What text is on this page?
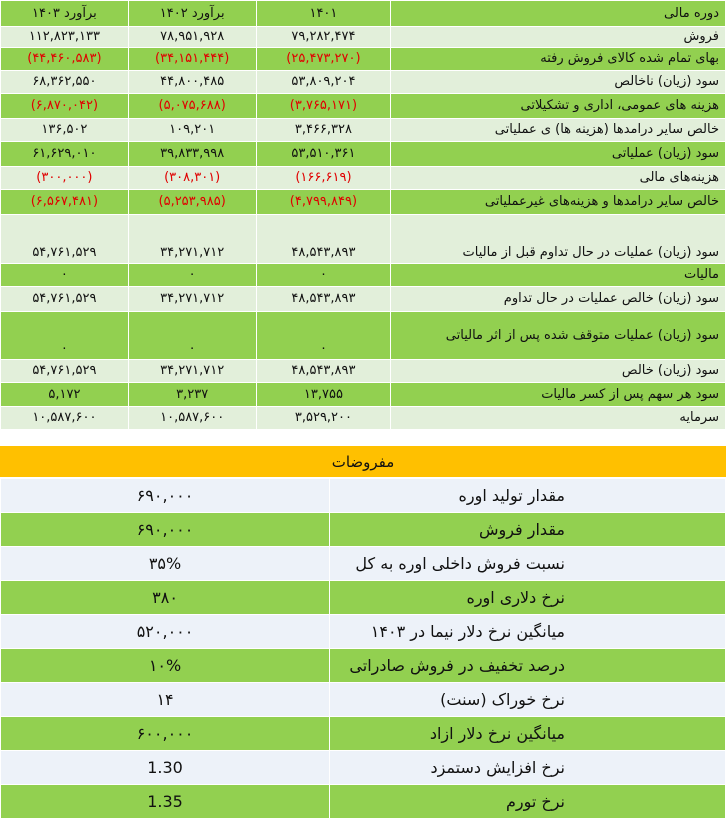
۱۴۰۳ برآورد	۱۴۰۲ برآورد	۱۴۰۱	دوره مالی
۱۱۲,۸۲۳,۱۳۳	۷۸,۹۵۱,۹۲۸	۷۹,۲۸۲,۴۷۴	فروش
(۴۴,۴۶۰,۵۸۳)	(۳۴,۱۵۱,۴۴۴)	(۲۵,۴۷۳,۲۷۰)	بهای تمام شده کالای فروش رفته
۶۸,۳۶۲,۵۵۰	۴۴,۸۰۰,۴۸۵	۵۳,۸۰۹,۲۰۴	سود (زیان) ناخالص
(۶,۸۷۰,۰۴۲)	(۵,۰۷۵,۶۸۸)	(۳,۷۶۵,۱۷۱)	هزینه های عمومی، اداری و تشکیلاتی
۱۳۶,۵۰۲	۱۰۹,۲۰۱	۳,۴۶۶,۳۲۸	خالص سایر درامدها (هزینه ها) ی عملیاتی
۶۱,۶۲۹,۰۱۰	۳۹,۸۳۳,۹۹۸	۵۳,۵۱۰,۳۶۱	سود (زیان) عملیاتی
(۳۰۰,۰۰۰)	(۳۰۸,۳۰۱)	(۱۶۶,۶۱۹)	هزینه‌های مالی
(۶,۵۶۷,۴۸۱)	(۵,۲۵۳,۹۸۵)	(۴,۷۹۹,۸۴۹)	خالص سایر درامدها و هزینه‌های غیرعملیاتی
۵۴,۷۶۱,۵۲۹	۳۴,۲۷۱,۷۱۲	۴۸,۵۴۳,۸۹۳	سود (زیان) عملیات در حال تداوم قبل از مالیات
۰	۰	۰	مالیات
۵۴,۷۶۱,۵۲۹	۳۴,۲۷۱,۷۱۲	۴۸,۵۴۳,۸۹۳	سود (زیان) خالص عملیات در حال تداوم
۰	۰	۰	سود (زیان) عملیات متوقف شده پس از اثر مالیاتی
۵۴,۷۶۱,۵۲۹	۳۴,۲۷۱,۷۱۲	۴۸,۵۴۳,۸۹۳	سود (زیان) خالص
۵,۱۷۲	۳,۲۳۷	۱۳,۷۵۵	سود هر سهم پس از کسر مالیات
۱۰,۵۸۷,۶۰۰	۱۰,۵۸۷,۶۰۰	۳,۵۲۹,۲۰۰	سرمایه
مفروضات
۶۹۰,۰۰۰	مقدار تولید اوره
۶۹۰,۰۰۰	مقدار فروش
۳۵%	نسبت فروش داخلی اوره به کل
۳۸۰	نرخ دلاری اوره
۵۲۰,۰۰۰	میانگین نرخ دلار نیما در ۱۴۰۳
۱۰%	درصد تخفیف در فروش صادراتی
۱۴	نرخ خوراک (سنت)
۶۰۰,۰۰۰	میانگین نرخ دلار ازاد
1.30	نرخ افزایش دستمزد
1.35	نرخ تورم
